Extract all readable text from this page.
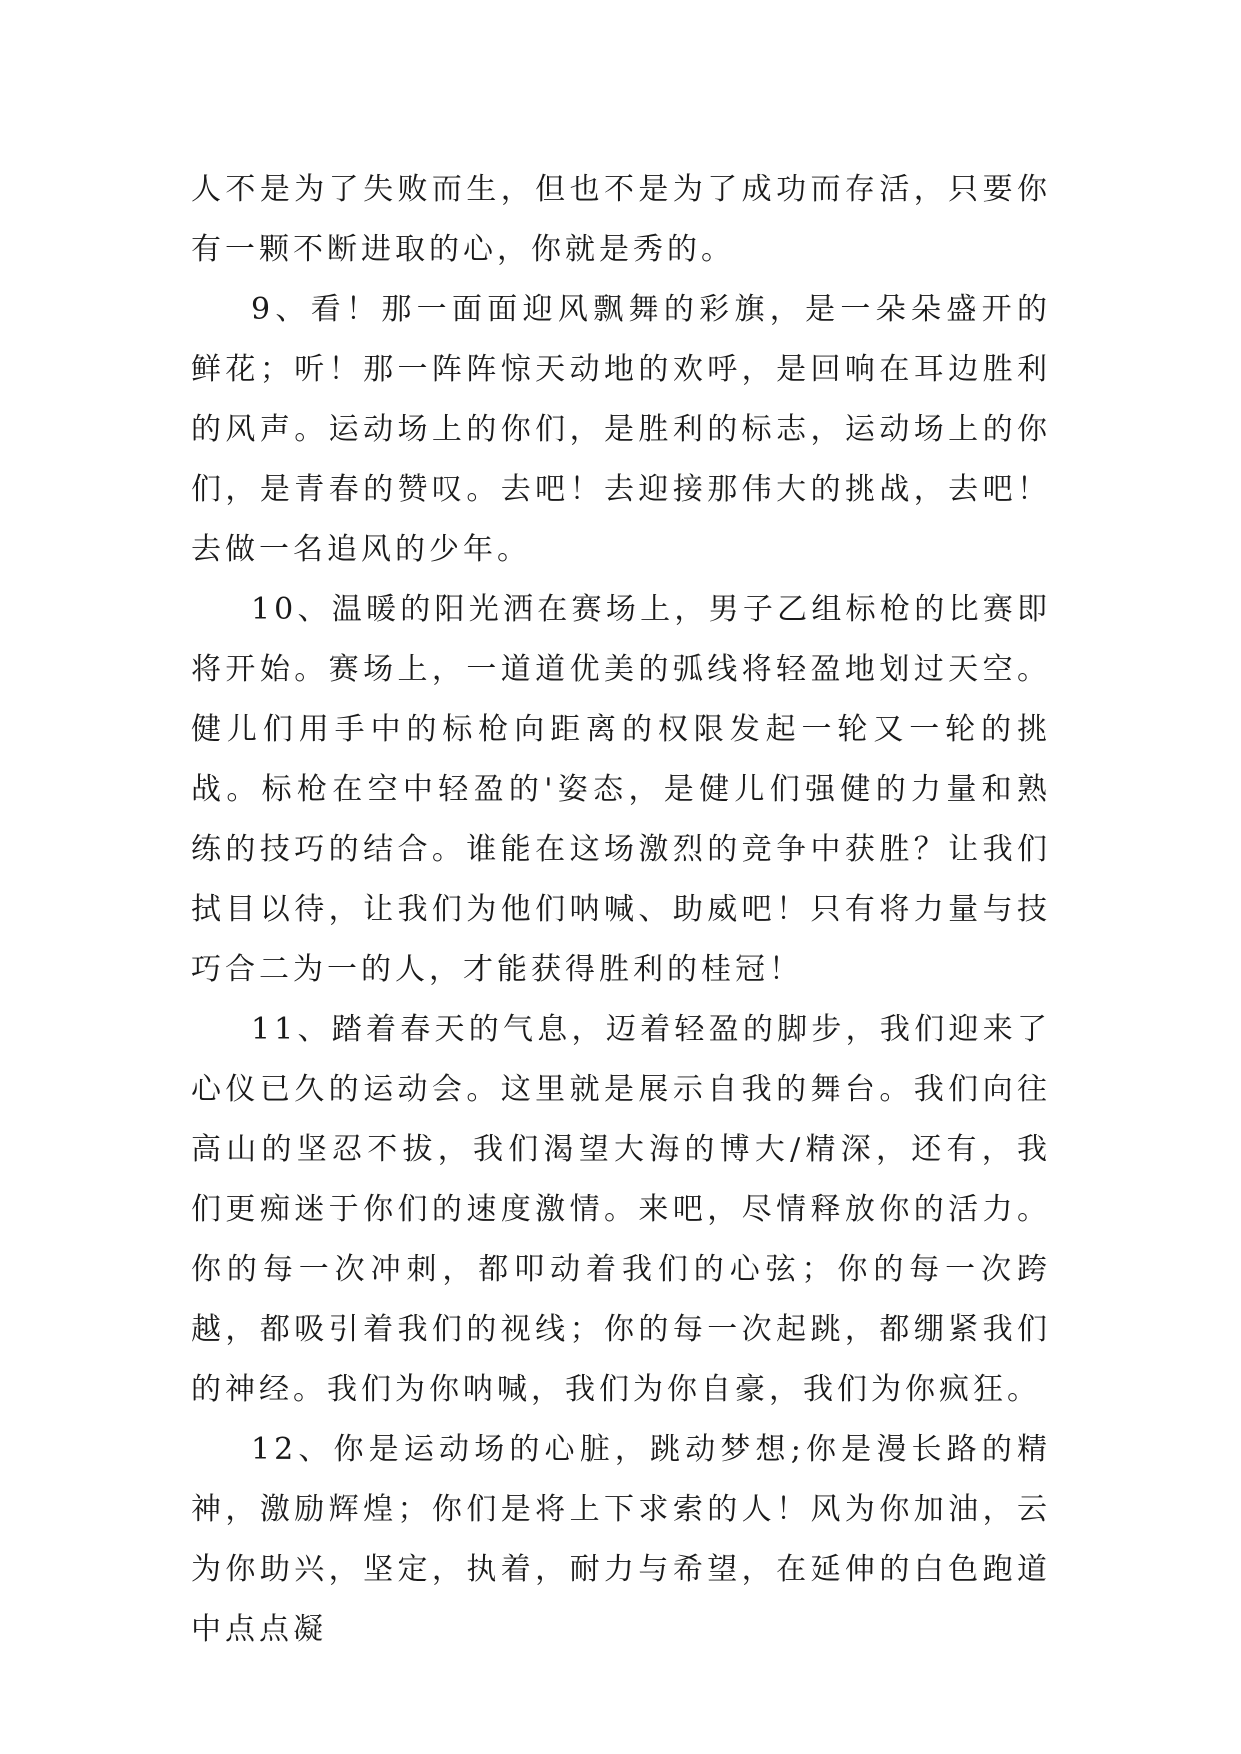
人不是为了失败而生，但也不是为了成功而存活，只要你有一颗不断进取的心，你就是秀的。

9、看！那一面面迎风飘舞的彩旗，是一朵朵盛开的鲜花；听！那一阵阵惊天动地的欢呼，是回响在耳边胜利的风声。运动场上的你们，是胜利的标志，运动场上的你们，是青春的赞叹。去吧！去迎接那伟大的挑战，去吧！去做一名追风的少年。

10、温暖的阳光洒在赛场上，男子乙组标枪的比赛即将开始。赛场上，一道道优美的弧线将轻盈地划过天空。健儿们用手中的标枪向距离的权限发起一轮又一轮的挑战。标枪在空中轻盈的'姿态，是健儿们强健的力量和熟练的技巧的结合。谁能在这场激烈的竞争中获胜？让我们拭目以待，让我们为他们呐喊、助威吧！只有将力量与技巧合二为一的人，才能获得胜利的桂冠！

11、踏着春天的气息，迈着轻盈的脚步，我们迎来了心仪已久的运动会。这里就是展示自我的舞台。我们向往高山的坚忍不拔，我们渴望大海的博大/精深，还有，我们更痴迷于你们的速度激情。来吧，尽情释放你的活力。你的每一次冲刺，都叩动着我们的心弦；你的每一次跨越，都吸引着我们的视线；你的每一次起跳，都绷紧我们的神经。我们为你呐喊，我们为你自豪，我们为你疯狂。

12、你是运动场的心脏，跳动梦想;你是漫长路的精神，激励辉煌；你们是将上下求索的人！风为你加油，云为你助兴，坚定，执着，耐力与希望，在延伸的白色跑道中点点凝
